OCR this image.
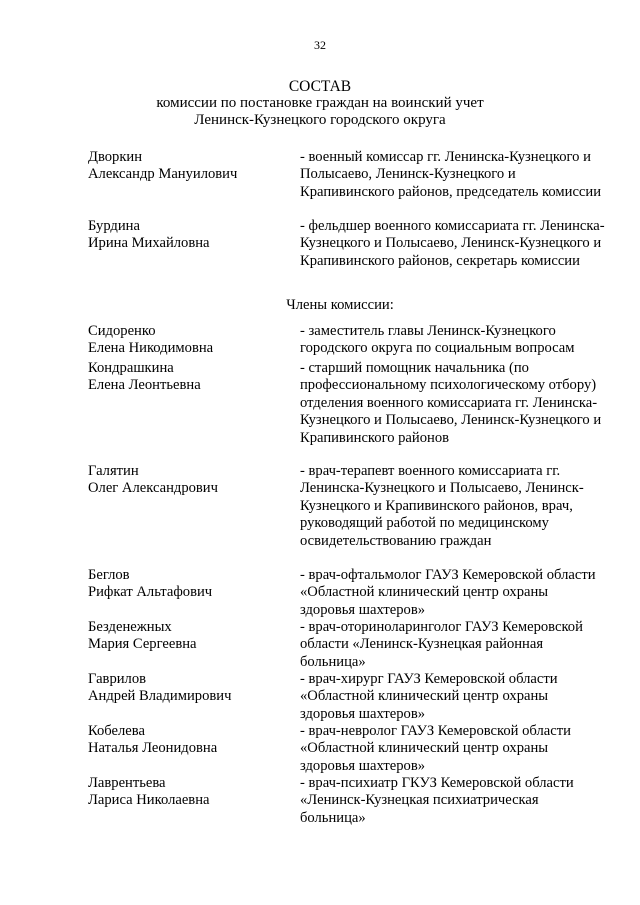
32
СОСТАВ
комиссии по постановке граждан на воинский учет
Ленинск-Кузнецкого городского округа
Дворкин
Александр Мануилович
- военный комиссар гг. Ленинска-Кузнецкого и Полысаево, Ленинск-Кузнецкого и Крапивинского районов, председатель комиссии
Бурдина
Ирина Михайловна
- фельдшер военного комиссариата гг. Ленинска-Кузнецкого и Полысаево, Ленинск-Кузнецкого и Крапивинского районов, секретарь комиссии
Члены комиссии:
Сидоренко
Елена Никодимовна
- заместитель главы Ленинск-Кузнецкого городского округа по социальным вопросам
Кондрашкина
Елена Леонтьевна
- старший помощник начальника (по профессиональному психологическому отбору) отделения военного комиссариата гг. Ленинска-Кузнецкого и Полысаево, Ленинск-Кузнецкого и Крапивинского районов
Галятин
Олег Александрович
- врач-терапевт военного комиссариата гг. Ленинска-Кузнецкого и Полысаево, Ленинск-Кузнецкого и Крапивинского районов, врач, руководящий работой по медицинскому освидетельствованию граждан
Беглов
Рифкат Альтафович
- врач-офтальмолог ГАУЗ Кемеровской области «Областной клинический центр охраны здоровья шахтеров»
Безденежных
Мария Сергеевна
- врач-оториноларинголог ГАУЗ Кемеровской области «Ленинск-Кузнецкая районная больница»
Гаврилов
Андрей Владимирович
- врач-хирург ГАУЗ Кемеровской области «Областной клинический центр охраны здоровья шахтеров»
Кобелева
Наталья Леонидовна
- врач-невролог ГАУЗ Кемеровской области «Областной клинический центр охраны здоровья шахтеров»
Лаврентьева
Лариса Николаевна
- врач-психиатр ГКУЗ Кемеровской области «Ленинск-Кузнецкая психиатрическая больница»
